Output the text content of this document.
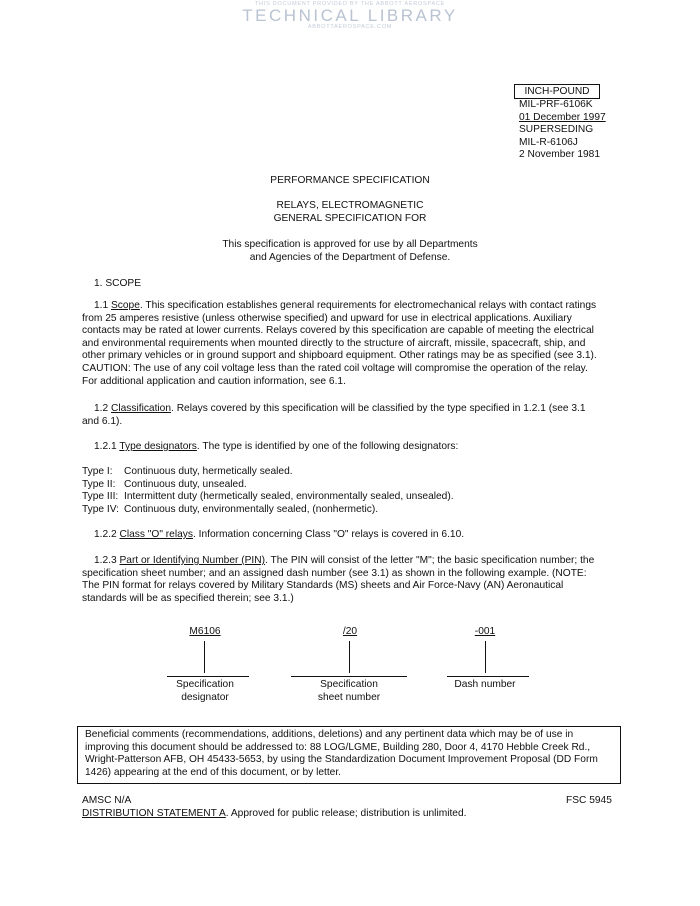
THIS DOCUMENT PROVIDED BY THE ABBOTT AEROSPACE
TECHNICAL LIBRARY
ABBOTTAEROSPACE.COM
INCH-POUND
MIL-PRF-6106K
01 December 1997
SUPERSEDING
MIL-R-6106J
2 November 1981
PERFORMANCE SPECIFICATION
RELAYS, ELECTROMAGNETIC
GENERAL SPECIFICATION FOR
This specification is approved for use by all Departments
and Agencies of the Department of Defense.
1. SCOPE
1.1 Scope. This specification establishes general requirements for electromechanical relays with contact ratings
from 25 amperes resistive (unless otherwise specified) and upward for use in electrical applications. Auxiliary
contacts may be rated at lower currents. Relays covered by this specification are capable of meeting the electrical
and environmental requirements when mounted directly to the structure of aircraft, missile, spacecraft, ship, and
other primary vehicles or in ground support and shipboard equipment. Other ratings may be as specified (see 3.1).
CAUTION: The use of any coil voltage less than the rated coil voltage will compromise the operation of the relay.
For additional application and caution information, see 6.1.
1.2 Classification. Relays covered by this specification will be classified by the type specified in 1.2.1 (see 3.1
and 6.1).
1.2.1 Type designators. The type is identified by one of the following designators:
Type I: Continuous duty, hermetically sealed.
Type II: Continuous duty, unsealed.
Type III: Intermittent duty (hermetically sealed, environmentally sealed, unsealed).
Type IV: Continuous duty, environmentally sealed, (nonhermetic).
1.2.2 Class "O" relays. Information concerning Class "O" relays is covered in 6.10.
1.2.3 Part or Identifying Number (PIN). The PIN will consist of the letter "M"; the basic specification number; the
specification sheet number; and an assigned dash number (see 3.1) as shown in the following example. (NOTE:
The PIN format for relays covered by Military Standards (MS) sheets and Air Force-Navy (AN) Aeronautical
standards will be as specified therein; see 3.1.)
M6106
Specification
designator
/20
Specification
sheet number
-001
Dash number
Beneficial comments (recommendations, additions, deletions) and any pertinent data which may be of use in
improving this document should be addressed to: 88 LOG/LGME, Building 280, Door 4, 4170 Hebble Creek Rd.,
Wright-Patterson AFB, OH 45433-5653, by using the Standardization Document Improvement Proposal (DD Form
1426) appearing at the end of this document, or by letter.
AMSC N/A	FSC 5945
DISTRIBUTION STATEMENT A. Approved for public release; distribution is unlimited.
